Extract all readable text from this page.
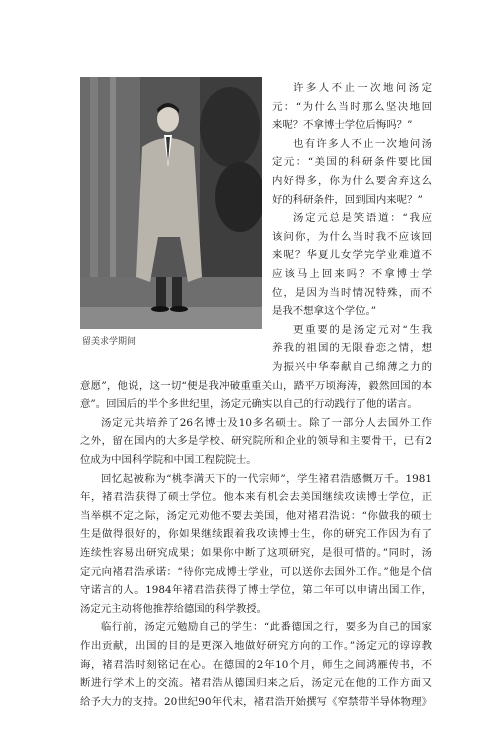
留美求学期间
许多人不止一次地问汤定
元：“为什么当时那么坚决地回
来呢？不拿博士学位后悔吗？”
也有许多人不止一次地问汤
定元：“美国的科研条件要比国
内好得多，你为什么要舍弃这么
好的科研条件，回到国内来呢？”
汤定元总是笑语道：“我应
该问你，为什么当时我不应该回
来呢？华夏儿女学完学业难道不
应该马上回来吗？不拿博士学
位，是因为当时情况特殊，而不
是我不想拿这个学位。”
更重要的是汤定元对“生我
养我的祖国的无限眷恋之情，想
为振兴中华奉献自己绵薄之力的
意愿”，他说，这一切“便是我冲破重重关山，踏平万顷海涛，毅然回国的本
意”。回国后的半个多世纪里，汤定元确实以自己的行动践行了他的诺言。
汤定元共培养了26名博士及10多名硕士。除了一部分人去国外工作
之外，留在国内的大多是学校、研究院所和企业的领导和主要骨干，已有2
位成为中国科学院和中国工程院院士。
回忆起被称为“桃李满天下的一代宗师”，学生褚君浩感慨万千。1981
年，褚君浩获得了硕士学位。他本来有机会去美国继续攻读博士学位，正
当举棋不定之际，汤定元劝他不要去美国，他对褚君浩说：“你做我的硕士
生是做得很好的，你如果继续跟着我攻读博士生，你的研究工作因为有了
连续性容易出研究成果；如果你中断了这项研究，是很可惜的。”同时，汤
定元向褚君浩承诺：“待你完成博士学业，可以送你去国外工作。”他是个信
守诺言的人。1984年褚君浩获得了博士学位，第二年可以申请出国工作，
汤定元主动将他推荐给德国的科学教授。
临行前，汤定元勉励自己的学生：“此番德国之行，要多为自己的国家
作出贡献，出国的目的是更深入地做好研究方向的工作。”汤定元的谆谆教
诲，褚君浩时刻铭记在心。在德国的2年10个月，师生之间鸿雁传书，不
断进行学术上的交流。褚君浩从德国归来之后，汤定元在他的工作方面又
给予大力的支持。20世纪90年代末，褚君浩开始撰写《窄禁带半导体物理》
